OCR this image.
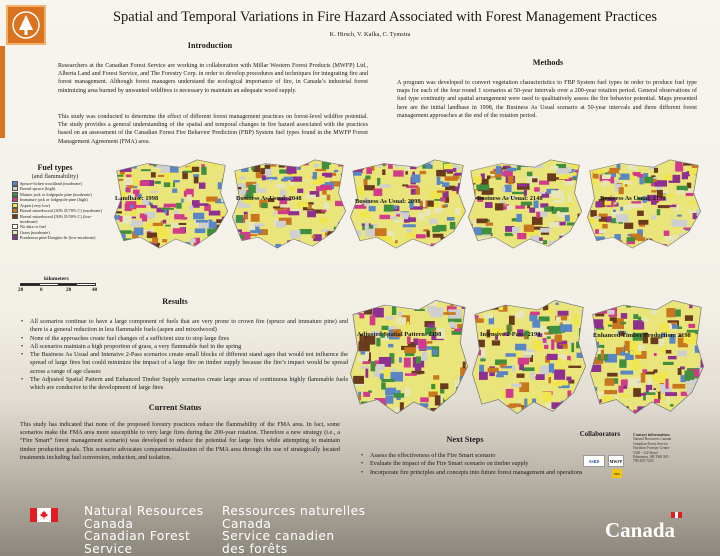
Spatial and Temporal Variations in Fire Hazard Associated with Forest Management Practices
K. Hirsch, V. Kafka, C. Tymstra
Introduction

Researchers at the Canadian Forest Service are working in collaboration with Millar Western Forest Products (MWFP) Ltd., Alberta Land and Forest Service, and The Forestry Corp. in order to develop procedures and techniques for integrating fire and forest management. Although forest managers understand the ecological importance of fire, in Canada’s industrial forest minimizing area burned by unwanted wildfires is necessary to maintain an adequate wood supply.

This study was conducted to determine the effect of different forest management practices on forest-level wildfire potential. The study provides a general understanding of the spatial and temporal changes in fire hazard associated with the practices based on an assessment of the Canadian Forest Fire Behavior Prediction (FBP) System fuel types found in the MWFP Forest Management Agreement (FMA) area.

Methods

A program was developed to convert vegetation characteristics to FBP System fuel types in order to produce fuel type maps for each of the four round 1 scenarios at 50-year intervals over a 200-year rotation period. General observations of fuel type continuity and spatial arrangement were used to qualitatively assess the fire behavior potential. Maps presented here are the initial landbase in 1998, the Business As Usual scenario at 50-year intervals and three different forest management approaches at the end of the rotation period.

Fuel types
(and flammability)
Spruce-lichen woodland (moderate)
Boreal spruce (high)
Mature jack or lodgepole pine (moderate)
Immature jack or lodgepole pine (high)
Aspen (very low)
Boreal mixedwood (30% D/70% C) (moderate)
Boreal mixedwood (50% D/50% C) (low-moderate)
No data or fuel
Grass (moderate)
Ponderosa pine-Douglas-fir (low-moderate)
kilometers
20	0	20	40
Landbase: 1998	Business As Usual: 2048	Business As Usual: 2098	Business As Usual: 2148	Business As Usual: 2198
Adjusted Spatial Pattern: 2198	Intensive 2-Pass: 2198	Enhanced Timber Production: 2198
Results
• All scenarios continue to have a large component of fuels that are very prone to crown fire (spruce and immature pine) and there is a general reduction in less flammable fuels (aspen and mixedwood)
• None of the approaches create fuel changes of a sufficient size to stop large fires
• All scenarios maintain a high proportion of grass, a very flammable fuel in the spring
• The Business As Usual and Intensive 2-Pass scenarios create small blocks of different stand ages that would not influence the spread of large fires but could minimize the impact of a large fire on timber supply because the fire’s impact would be spread across a range of age classes
• The Adjusted Spatial Pattern and Enhanced Timber Supply scenarios create large areas of continuous highly flammable fuels which are conducive to the development of large fires
Current Status

This study has indicated that none of the proposed forestry practices reduce the flammability of the FMA area. In fact, some scenarios make the FMA area more susceptible to very large fires during the 200-year rotation. Therefore a new strategy (i.e., a “Fire Smart” forest management scenario) was developed to reduce the potential for large fires while attempting to maintain timber production goals. This scenario advocates compartmentalization of the FMA area through the use of strategically located treatments including fuel conversion, reduction, and isolation.

Next Steps
• Assess the effectiveness of the Fire Smart scenario
• Evaluate the impact of the Fire Smart scenario on timber supply
• Incorporate fire principles and concepts into future forest management and operations
Collaborators
ASRD	MWFP
TFC
Contact information:
Natural Resources Canada
Canadian Forest Service
Northern Forestry Centre
5320 - 122 Street
Edmonton, AB T6H 3S5
780-435-7210
Natural Resources
Canada
Ressources naturelles
Canada
Canadian Forest
Service
Service canadien
des forêts
Canada
